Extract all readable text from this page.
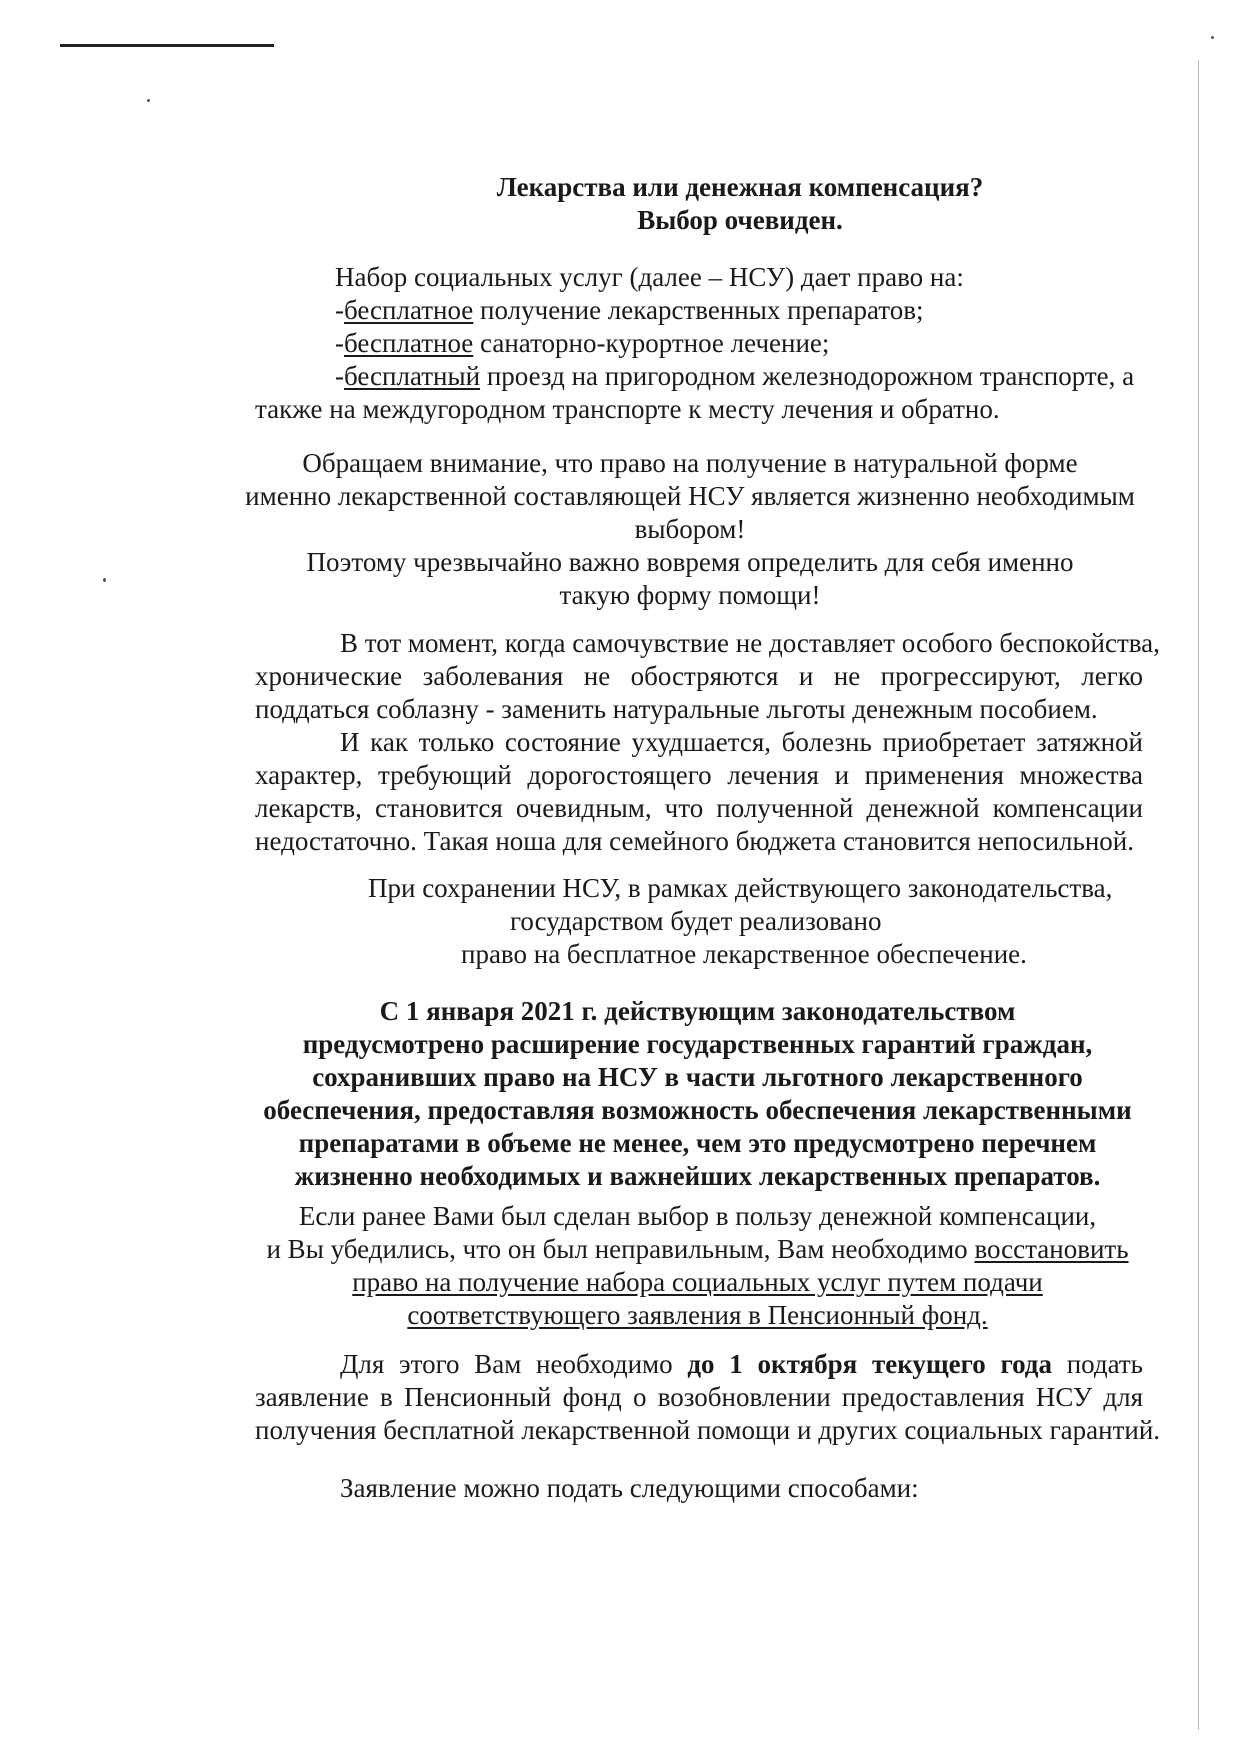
Лекарства или денежная компенсация?
Выбор очевиден.
Набор социальных услуг (далее – НСУ) дает право на:
-бесплатное получение лекарственных препаратов;
-бесплатное санаторно-курортное лечение;
-бесплатный проезд на пригородном железнодорожном транспорте, а
также на междугородном транспорте к месту лечения и обратно.
Обращаем внимание, что право на получение в натуральной форме
именно лекарственной составляющей НСУ является жизненно необходимым
выбором!
Поэтому чрезвычайно важно вовремя определить для себя именно
такую форму помощи!
В тот момент, когда самочувствие не доставляет особого беспокойства,
хронические заболевания не обостряются и не прогрессируют, легко
поддаться соблазну - заменить натуральные льготы денежным пособием.
И как только состояние ухудшается, болезнь приобретает затяжной
характер, требующий дорогостоящего лечения и применения множества
лекарств, становится очевидным, что полученной денежной компенсации
недостаточно. Такая ноша для семейного бюджета становится непосильной.
При сохранении НСУ, в рамках действующего законодательства,
государством будет реализовано
право на бесплатное лекарственное обеспечение.
С 1 января 2021 г. действующим законодательством
предусмотрено расширение государственных гарантий граждан,
сохранивших право на НСУ в части льготного лекарственного
обеспечения, предоставляя возможность обеспечения лекарственными
препаратами в объеме не менее, чем это предусмотрено перечнем
жизненно необходимых и важнейших лекарственных препаратов.
Если ранее Вами был сделан выбор в пользу денежной компенсации,
и Вы убедились, что он был неправильным, Вам необходимо восстановить
право на получение набора социальных услуг путем подачи
соответствующего заявления в Пенсионный фонд.
Для этого Вам необходимо до 1 октября текущего года подать
заявление в Пенсионный фонд о возобновлении предоставления НСУ для
получения бесплатной лекарственной помощи и других социальных гарантий.
Заявление можно подать следующими способами:
